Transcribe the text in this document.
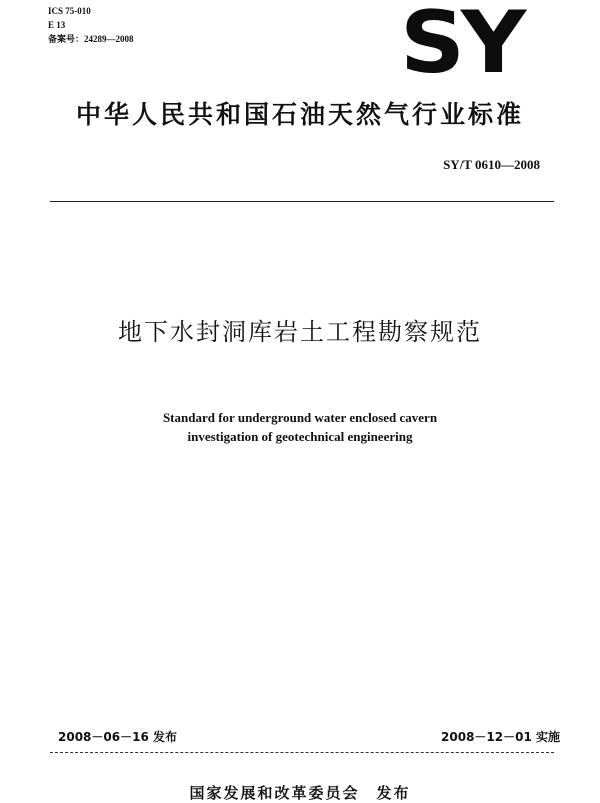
ICS 75-010
E 13
备案号：24289—2008	SY
中华人民共和国石油天然气行业标准
SY/T 0610—2008
地下水封洞库岩土工程勘察规范
Standard for underground water enclosed cavern
investigation of geotechnical engineering
2008－06－16 发布	2008－12－01 实施
国家发展和改革委员会　发布
